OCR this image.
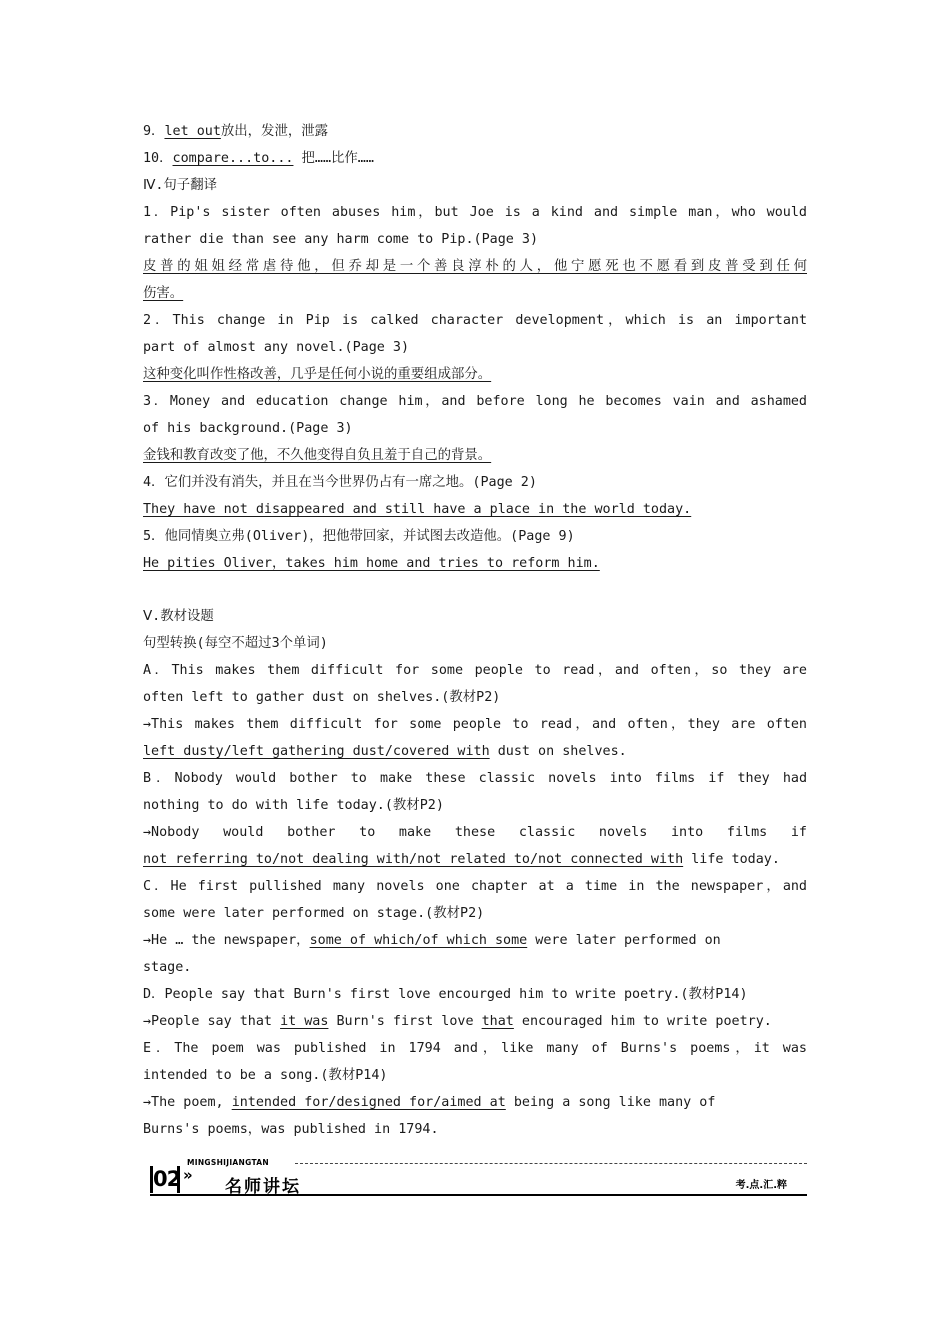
9．let out放出，发泄，泄露
10．compare...to... 把……比作……
Ⅳ.句子翻译
1．Pip's sister often abuses him，but Joe is a kind and simple man，who would
rather die than see any harm come to Pip.(Page 3)
皮普的姐姐经常虐待他，但乔却是一个善良淳朴的人，他宁愿死也不愿看到皮普受到任何
伤害。
2．This change in Pip is calked character development，which is an important
part of almost any novel.(Page 3)
这种变化叫作性格改善，几乎是任何小说的重要组成部分。
3．Money and education change him，and before long he becomes vain and ashamed
of his background.(Page 3)
金钱和教育改变了他，不久他变得自负且羞于自己的背景。
4．它们并没有消失，并且在当今世界仍占有一席之地。(Page 2)
They have not disappeared and still have a place in the world today.
5．他同情奥立弗(Oliver)，把他带回家，并试图去改造他。(Page 9)
He pities Oliver，takes him home and tries to reform him.
Ⅴ.教材设题
句型转换(每空不超过3个单词)
A．This makes them difficult for some people to read，and often，so they are
often left to gather dust on shelves.(教材P2)
→This makes them difficult for some people to read，and often，they are often
left dusty/left gathering dust/covered with dust on shelves.
B．Nobody would bother to make these classic novels into films if they had
nothing to do with life today.(教材P2)
→Nobody would bother to make these classic novels into films if
not referring to/not dealing with/not related to/not connected with life today.
C．He first pullished many novels one chapter at a time in the newspaper，and
some were later performed on stage.(教材P2)
→He … the newspaper，some of which/of which some were later performed on
stage.
D．People say that Burn's first love encourged him to write poetry.(教材P14)
→People say that it was Burn's first love that encouraged him to write poetry.
E．The poem was published in 1794 and，like many of Burns's poems，it was
intended to be a song.(教材P14)
→The poem, intended for/designed for/aimed at being a song like many of
Burns's poems，was published in 1794.
MINGSHIJIANGTAN
02 »
名师讲坛	考.点.汇.粹
